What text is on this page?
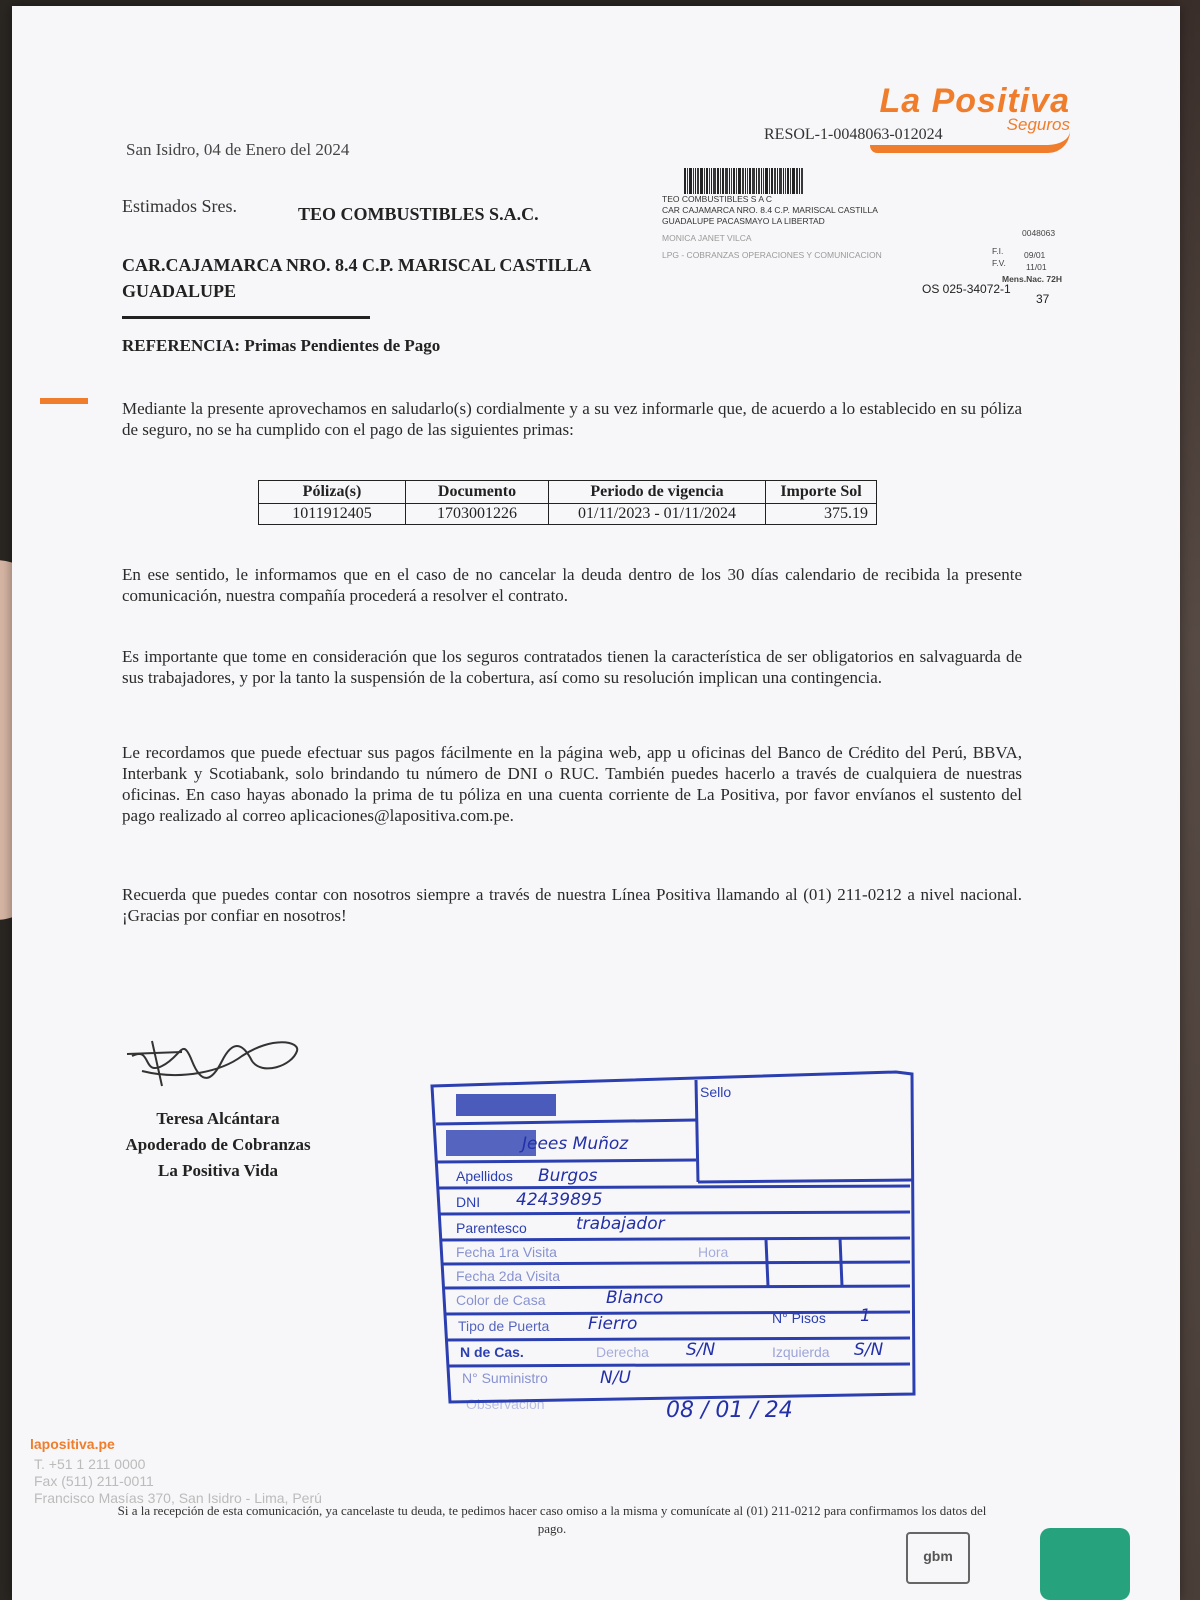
La Positiva
Seguros
San Isidro, 04 de Enero del 2024
RESOL-1-0048063-012024
TEO COMBUSTIBLES S A C
CAR CAJAMARCA NRO. 8.4 C.P. MARISCAL CASTILLA
GUADALUPE PACASMAYO LA LIBERTAD
MONICA JANET VILCA
LPG - COBRANZAS OPERACIONES Y COMUNICACION
0048063
F.I. 09/01
F.V. 11/01
Mens.Nac. 72H
OS 025-34072-1
37
Estimados Sres.	TEO COMBUSTIBLES S.A.C.
CAR.CAJAMARCA NRO. 8.4 C.P. MARISCAL CASTILLA
GUADALUPE
REFERENCIA: Primas Pendientes de Pago
Mediante la presente aprovechamos en saludarlo(s) cordialmente y a su vez informarle que, de acuerdo a lo establecido en su póliza de seguro, no se ha cumplido con el pago de las siguientes primas:
Póliza(s)	Documento	Periodo de vigencia	Importe Sol
1011912405	1703001226	01/11/2023 - 01/11/2024	375.19
En ese sentido, le informamos que en el caso de no cancelar la deuda dentro de los 30 días calendario de recibida la presente comunicación, nuestra compañía procederá a resolver el contrato.
Es importante que tome en consideración que los seguros contratados tienen la característica de ser obligatorios en salvaguarda de sus trabajadores, y por la tanto la suspensión de la cobertura, así como su resolución implican una contingencia.
Le recordamos que puede efectuar sus pagos fácilmente en la página web, app u oficinas del Banco de Crédito del Perú, BBVA, Interbank y Scotiabank, solo brindando tu número de DNI o RUC. También puedes hacerlo a través de cualquiera de nuestras oficinas. En caso hayas abonado la prima de tu póliza en una cuenta corriente de La Positiva, por favor envíanos el sustento del pago realizado al correo aplicaciones@lapositiva.com.pe.
Recuerda que puedes contar con nosotros siempre a través de nuestra Línea Positiva llamando al (01) 211-0212 a nivel nacional. ¡Gracias por confiar en nosotros!
Teresa Alcántara
Apoderado de Cobranzas
La Positiva Vida
Sello
Jeees Muñoz
Apellidos Burgos
DNI 42439895
Parentesco	trabajador
Fecha 1ra Visita	Hora
Fecha 2da Visita
Color de Casa	Blanco
Tipo de Puerta Fierro	N° Pisos 1
N de Cas.	Derecha S/N	Izquierda S/N
N° Suministro	N/U
Observación	08 / 01 / 24
lapositiva.pe
T. +51 1 211 0000
Fax (511) 211-0011
Francisco Masías 370, San Isidro - Lima, Perú
Si a la recepción de esta comunicación, ya cancelaste tu deuda, te pedimos hacer caso omiso a la misma y comunícate al (01) 211-0212 para confirmamos los datos del pago.
gbm
